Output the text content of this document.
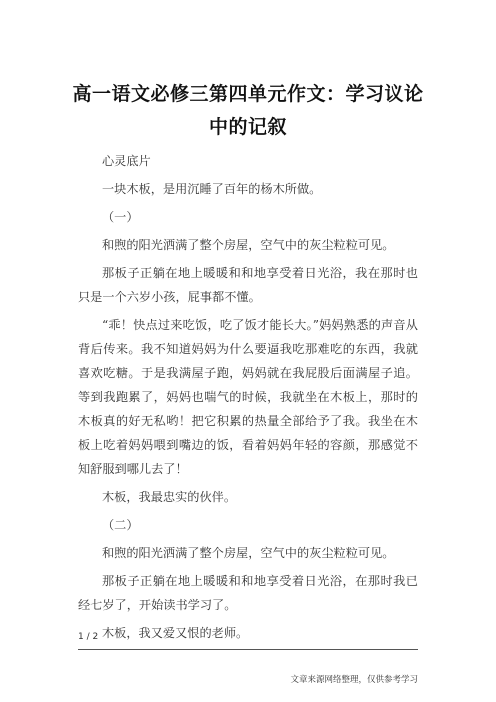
高一语文必修三第四单元作文：学习议论
中的记叙

心灵底片

一块木板，是用沉睡了百年的杨木所做。

（一）

和煦的阳光洒满了整个房屋，空气中的灰尘粒粒可见。

那板子正躺在地上暖暖和和地享受着日光浴，我在那时也只是一个六岁小孩，屁事都不懂。

“乖！快点过来吃饭，吃了饭才能长大。”妈妈熟悉的声音从背后传来。我不知道妈妈为什么要逼我吃那难吃的东西，我就喜欢吃糖。于是我满屋子跑，妈妈就在我屁股后面满屋子追。等到我跑累了，妈妈也喘气的时候，我就坐在木板上，那时的木板真的好无私哟！把它积累的热量全部给予了我。我坐在木板上吃着妈妈喂到嘴边的饭，看着妈妈年轻的容颜，那感觉不知舒服到哪儿去了！

木板，我最忠实的伙伴。

（二）

和煦的阳光洒满了整个房屋，空气中的灰尘粒粒可见。

那板子正躺在地上暖暖和和地享受着日光浴，在那时我已经七岁了，开始读书学习了。

木板，我又爱又恨的老师。

1 / 2
文章来源网络整理，仅供参考学习
